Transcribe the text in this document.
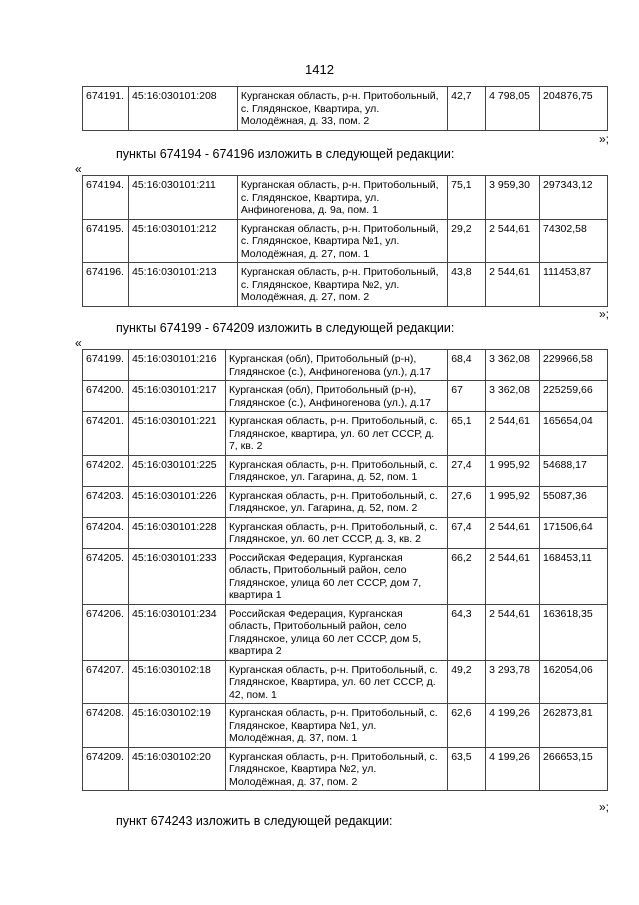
1412
674191.	45:16:030101:208	Курганская область, р-н. Притобольный, с. Глядянское, Квартира, ул. Молодёжная, д. 33, пом. 2	42,7	4 798,05	204876,75
»;
пункты 674194 - 674196 изложить в следующей редакции:
«
674194.	45:16:030101:211	Курганская область, р-н. Притобольный, с. Глядянское, Квартира, ул. Анфиногенова, д. 9а, пом. 1	75,1	3 959,30	297343,12
674195.	45:16:030101:212	Курганская область, р-н. Притобольный, с. Глядянское, Квартира №1, ул. Молодёжная, д. 27, пом. 1	29,2	2 544,61	74302,58
674196.	45:16:030101:213	Курганская область, р-н. Притобольный, с. Глядянское, Квартира №2, ул. Молодёжная, д. 27, пом. 2	43,8	2 544,61	111453,87
»;
пункты 674199 - 674209 изложить в следующей редакции:
«
674199.	45:16:030101:216	Курганская (обл), Притобольный (р-н), Глядянское (с.), Анфиногенова (ул.), д.17	68,4	3 362,08	229966,58
674200.	45:16:030101:217	Курганская (обл), Притобольный (р-н), Глядянское (с.), Анфиногенова (ул.), д.17	67	3 362,08	225259,66
674201.	45:16:030101:221	Курганская область, р-н. Притобольный, с. Глядянское, квартира, ул. 60 лет СССР, д. 7, кв. 2	65,1	2 544,61	165654,04
674202.	45:16:030101:225	Курганская область, р-н. Притобольный, с. Глядянское, ул. Гагарина, д. 52, пом. 1	27,4	1 995,92	54688,17
674203.	45:16:030101:226	Курганская область, р-н. Притобольный, с. Глядянское, ул. Гагарина, д. 52, пом. 2	27,6	1 995,92	55087,36
674204.	45:16:030101:228	Курганская область, р-н. Притобольный, с. Глядянское, ул. 60 лет СССР, д. 3, кв. 2	67,4	2 544,61	171506,64
674205.	45:16:030101:233	Российская Федерация, Курганская область, Притобольный район, село Глядянское, улица 60 лет СССР, дом 7, квартира 1	66,2	2 544,61	168453,11
674206.	45:16:030101:234	Российская Федерация, Курганская область, Притобольный район, село Глядянское, улица 60 лет СССР, дом 5, квартира 2	64,3	2 544,61	163618,35
674207.	45:16:030102:18	Курганская область, р-н. Притобольный, с. Глядянское, Квартира, ул. 60 лет СССР, д. 42, пом. 1	49,2	3 293,78	162054,06
674208.	45:16:030102:19	Курганская область, р-н. Притобольный, с. Глядянское, Квартира №1, ул. Молодёжная, д. 37, пом. 1	62,6	4 199,26	262873,81
674209.	45:16:030102:20	Курганская область, р-н. Притобольный, с. Глядянское, Квартира №2, ул. Молодёжная, д. 37, пом. 2	63,5	4 199,26	266653,15
»;
пункт 674243 изложить в следующей редакции:
